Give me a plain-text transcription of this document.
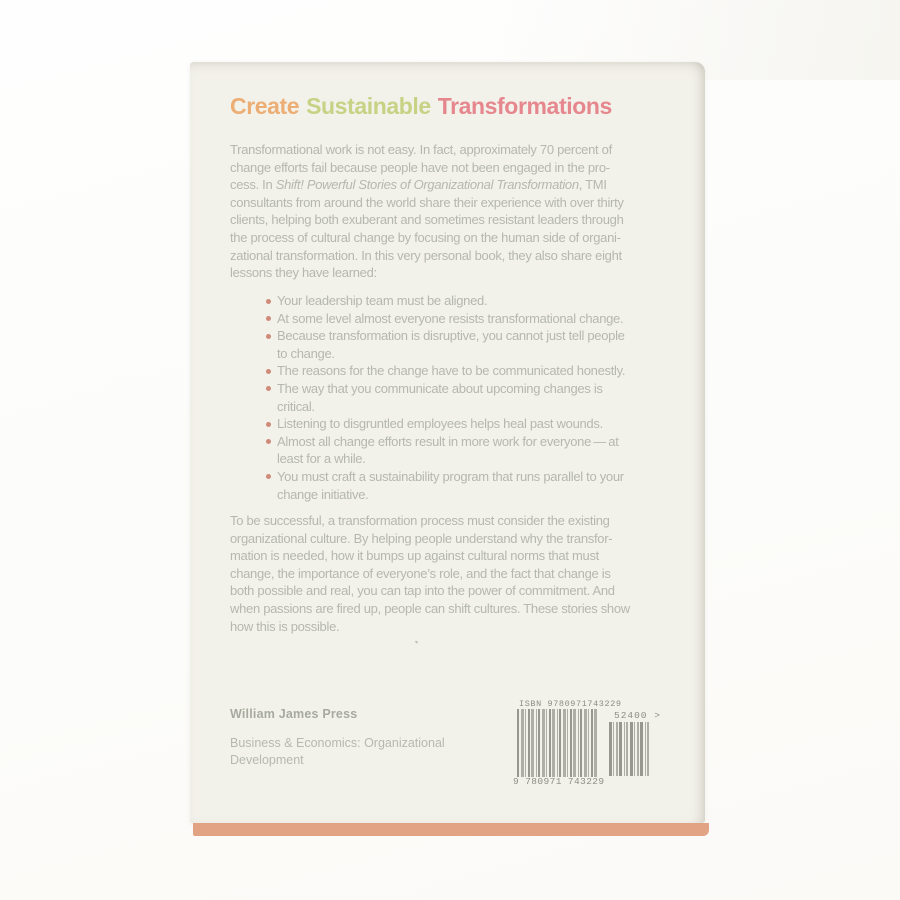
Create Sustainable Transformations
Transformational work is not easy. In fact, approximately 70 percent of
change efforts fail because people have not been engaged in the pro-
cess. In Shift! Powerful Stories of Organizational Transformation, TMI
consultants from around the world share their experience with over thirty
clients, helping both exuberant and sometimes resistant leaders through
the process of cultural change by focusing on the human side of organi-
zational transformation. In this very personal book, they also share eight
lessons they have learned:
Your leadership team must be aligned.
At some level almost everyone resists transformational change.
Because transformation is disruptive, you cannot just tell people
to change.
The reasons for the change have to be communicated honestly.
The way that you communicate about upcoming changes is
critical.
Listening to disgruntled employees helps heal past wounds.
Almost all change efforts result in more work for everyone — at
least for a while.
You must craft a sustainability program that runs parallel to your
change initiative.
To be successful, a transformation process must consider the existing
organizational culture. By helping people understand why the transfor-
mation is needed, how it bumps up against cultural norms that must
change, the importance of everyone’s role, and the fact that change is
both possible and real, you can tap into the power of commitment. And
when passions are fired up, people can shift cultures. These stories show
how this is possible.
William James Press
Business & Economics: Organizational
Development
ISBN 9780971743229
52400 >
9 780971 743229
